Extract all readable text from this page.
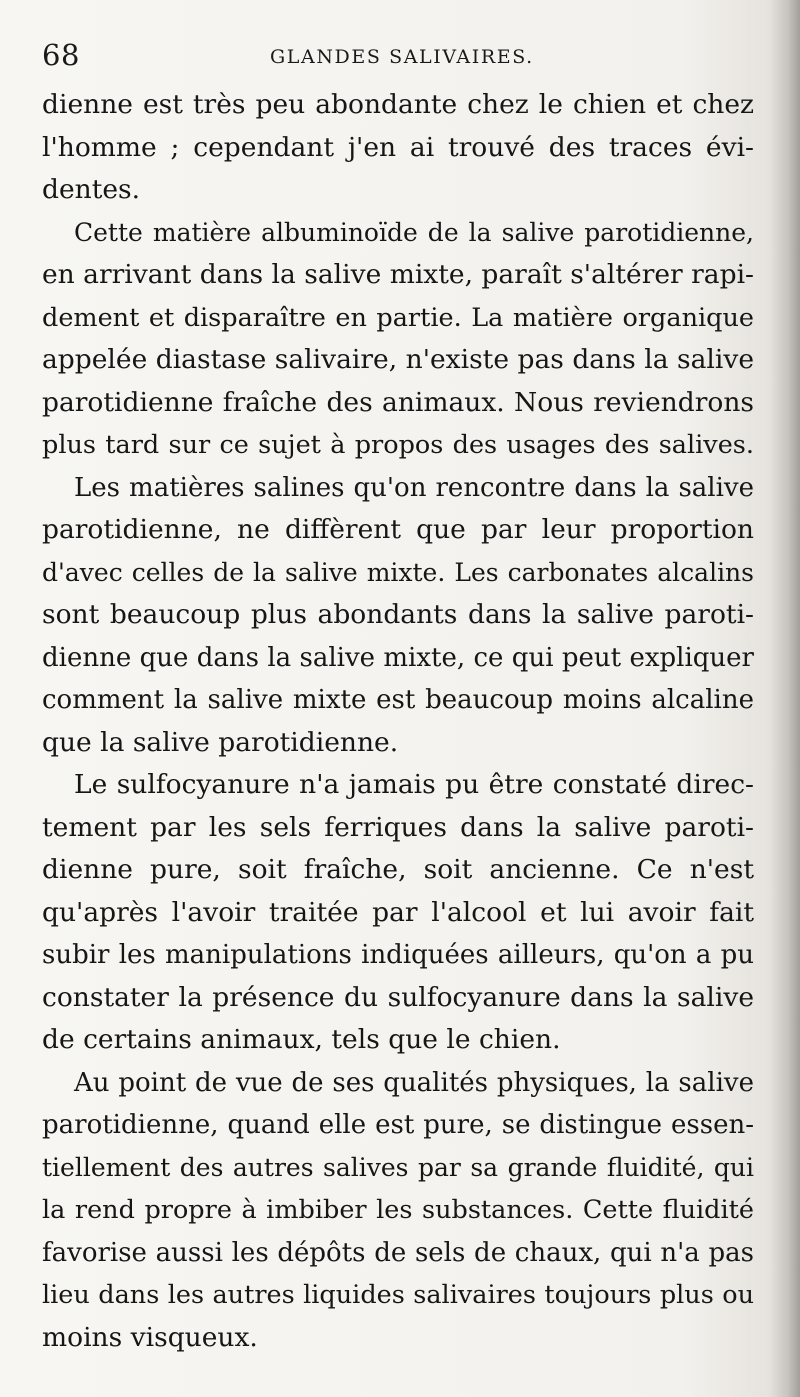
68	GLANDES SALIVAIRES.
dienne est très peu abondante chez le chien et chez
l'homme ; cependant j'en ai trouvé des traces évi-
dentes.
Cette matière albuminoïde de la salive parotidienne,
en arrivant dans la salive mixte, paraît s'altérer rapi-
dement et disparaître en partie. La matière organique
appelée diastase salivaire, n'existe pas dans la salive
parotidienne fraîche des animaux. Nous reviendrons
plus tard sur ce sujet à propos des usages des salives.
Les matières salines qu'on rencontre dans la salive
parotidienne, ne diffèrent que par leur proportion
d'avec celles de la salive mixte. Les carbonates alcalins
sont beaucoup plus abondants dans la salive paroti-
dienne que dans la salive mixte, ce qui peut expliquer
comment la salive mixte est beaucoup moins alcaline
que la salive parotidienne.
Le sulfocyanure n'a jamais pu être constaté direc-
tement par les sels ferriques dans la salive paroti-
dienne pure, soit fraîche, soit ancienne. Ce n'est
qu'après l'avoir traitée par l'alcool et lui avoir fait
subir les manipulations indiquées ailleurs, qu'on a pu
constater la présence du sulfocyanure dans la salive
de certains animaux, tels que le chien.
Au point de vue de ses qualités physiques, la salive
parotidienne, quand elle est pure, se distingue essen-
tiellement des autres salives par sa grande fluidité, qui
la rend propre à imbiber les substances. Cette fluidité
favorise aussi les dépôts de sels de chaux, qui n'a pas
lieu dans les autres liquides salivaires toujours plus ou
moins visqueux.
